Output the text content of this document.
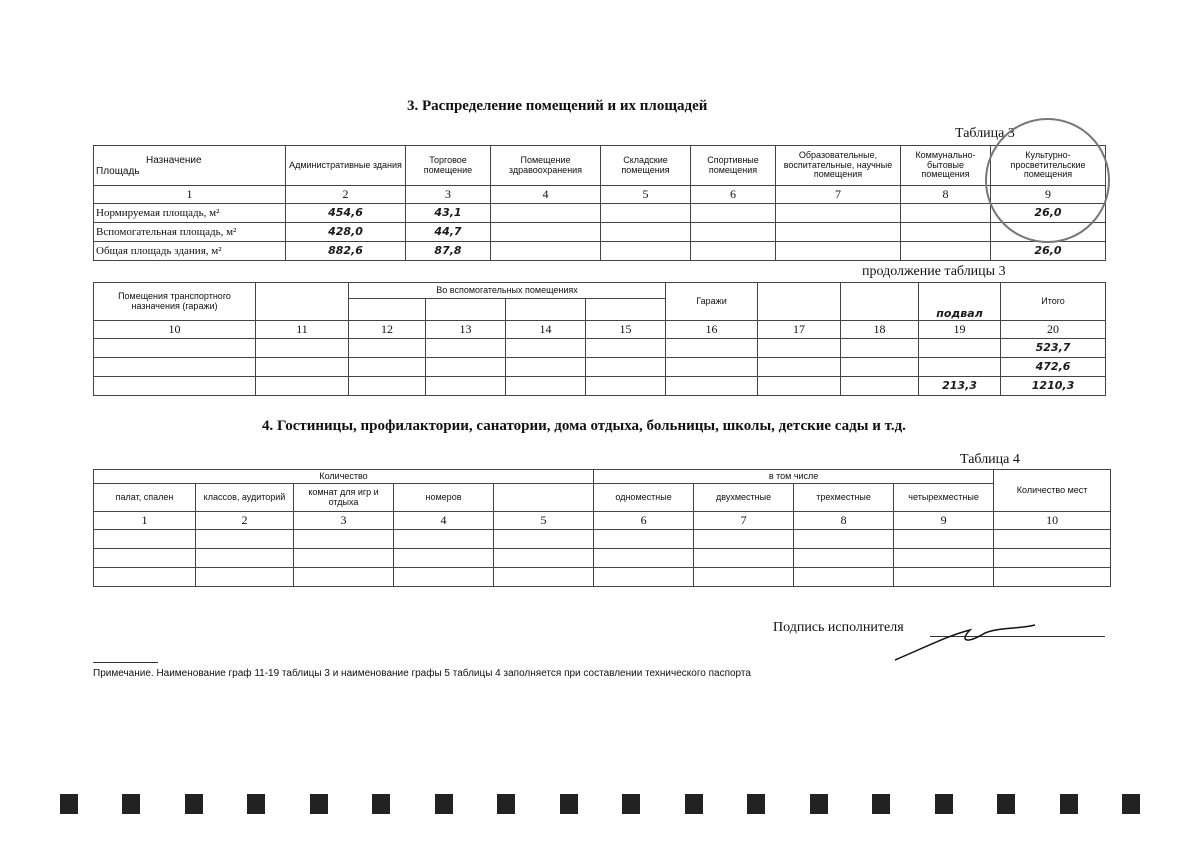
3. Распределение помещений и их площадей
Таблица 3
Назначение
Площадь	Административные здания	Торговое помещение	Помещение здравоохранения	Складские помещения	Спортивные помещения	Образовательные, воспитательные, научные помещения	Коммунально-бытовые помещения	Культурно-просветительские помещения
1	2	3	4	5	6	7	8	9
Нормируемая площадь, м²	454,6	43,1						26,0
Вспомогательная площадь, м²	428,0	44,7						
Общая площадь здания, м²	882,6	87,8						26,0
продолжение таблицы 3
Помещения транспортного назначения (гаражи)		Во вспомогательных помещениях				Гаражи			подвал	Итого

10	11	12	13	14	15	16	17	18	19	20
										523,7
										472,6
									213,3	1210,3
4. Гостиницы, профилактории, санатории, дома отдыха, больницы, школы, детские сады и т.д.
Таблица 4
Количество					в том числе				Количество мест
палат, спален	классов, аудиторий	комнат для игр и отдыха	номеров		одноместные	двухместные	трехместные	четырехместные	
1	2	3	4	5	6	7	8	9	10

Подпись исполнителя
Примечание. Наименование граф 11-19 таблицы 3 и наименование графы 5 таблицы 4 заполняется при составлении технического паспорта
